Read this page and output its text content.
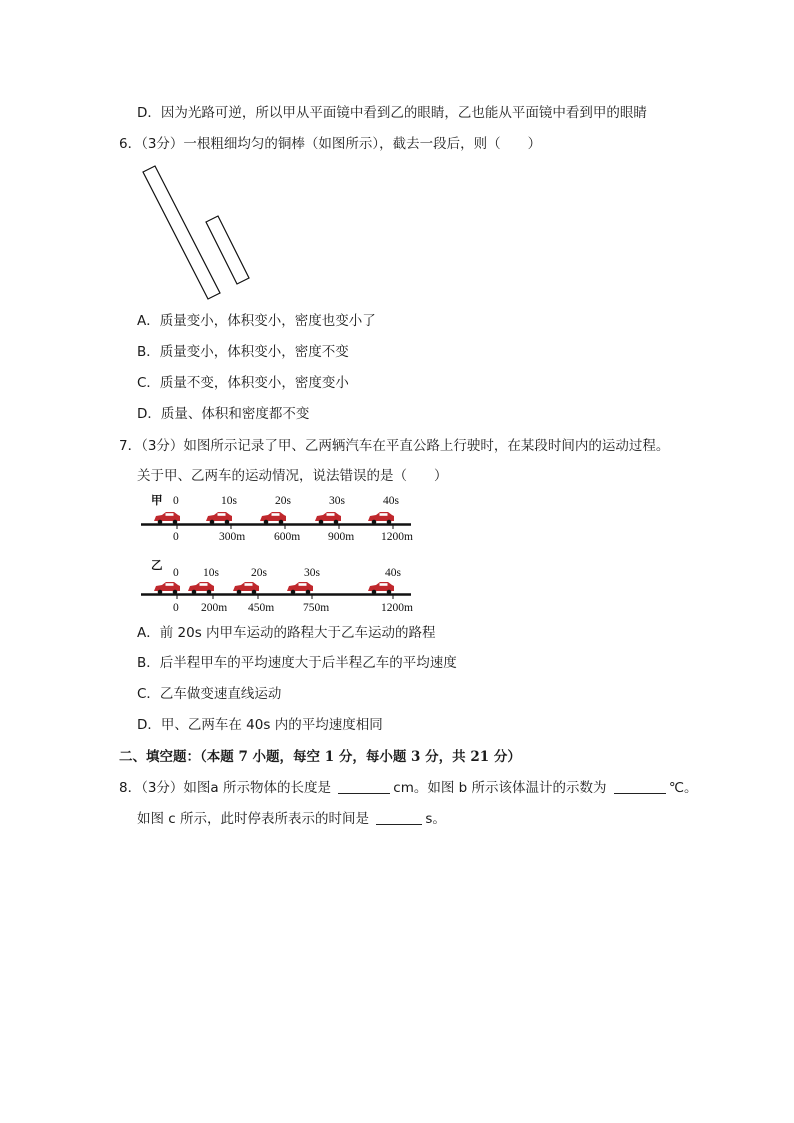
D．因为光路可逆，所以甲从平面镜中看到乙的眼睛，乙也能从平面镜中看到甲的眼睛
6．（3分）一根粗细均匀的铜棒（如图所示），截去一段后，则（　　）
A．质量变小，体积变小，密度也变小了
B．质量变小，体积变小，密度不变
C．质量不变，体积变小，密度变小
D．质量、体积和密度都不变
7．（3分）如图所示记录了甲、乙两辆汽车在平直公路上行驶时，在某段时间内的运动过程。
关于甲、乙两车的运动情况，说法错误的是（　　）
甲 0	10s	20s	30s	40s
0	300m	600m 900m 1200m
乙
0 10s	20s	30s	40s
0 200m 450m	750m	1200m
A．前 20s 内甲车运动的路程大于乙车运动的路程
B．后半程甲车的平均速度大于后半程乙车的平均速度
C．乙车做变速直线运动
D．甲、乙两车在 40s 内的平均速度相同
二、填空题：（本题 7 小题，每空 1 分，每小题 3 分，共 21 分）
8．（3分）如图a 所示物体的长度是	cm。如图 b 所示该体温计的示数为	℃。
如图 c 所示，此时停表所表示的时间是	s。
